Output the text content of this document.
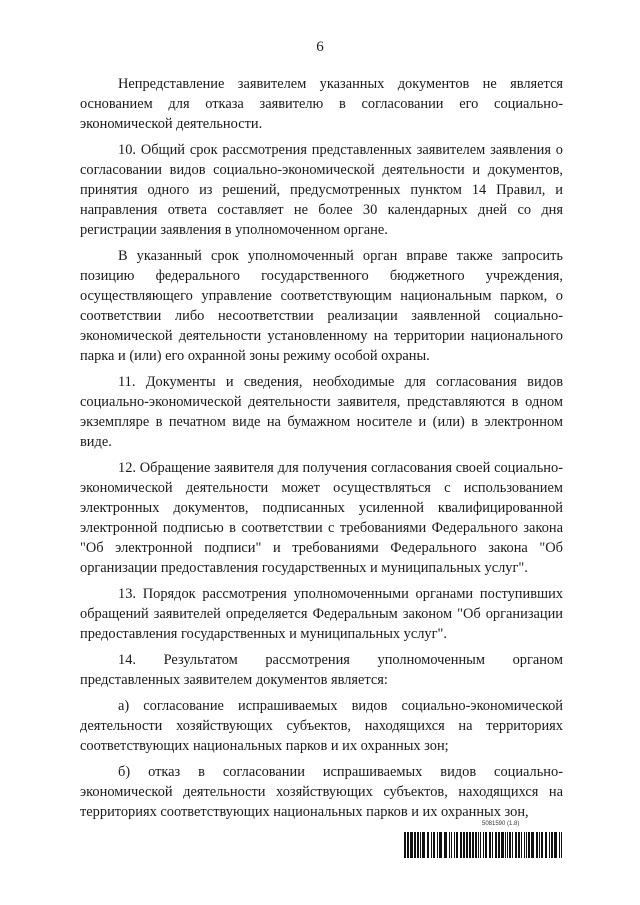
6

Непредставление заявителем указанных документов не является основанием для отказа заявителю в согласовании его социально-экономической деятельности.

10. Общий срок рассмотрения представленных заявителем заявления о согласовании видов социально-экономической деятельности и документов, принятия одного из решений, предусмотренных пунктом 14 Правил, и направления ответа составляет не более 30 календарных дней со дня регистрации заявления в уполномоченном органе.

В указанный срок уполномоченный орган вправе также запросить позицию федерального государственного бюджетного учреждения, осуществляющего управление соответствующим национальным парком, о соответствии либо несоответствии реализации заявленной социально-экономической деятельности установленному на территории национального парка и (или) его охранной зоны режиму особой охраны.

11. Документы и сведения, необходимые для согласования видов социально-экономической деятельности заявителя, представляются в одном экземпляре в печатном виде на бумажном носителе и (или) в электронном виде.

12. Обращение заявителя для получения согласования своей социально-экономической деятельности может осуществляться с использованием электронных документов, подписанных усиленной квалифицированной электронной подписью в соответствии с требованиями Федерального закона "Об электронной подписи" и требованиями Федерального закона "Об организации предоставления государственных и муниципальных услуг".

13. Порядок рассмотрения уполномоченными органами поступивших обращений заявителей определяется Федеральным законом "Об организации предоставления государственных и муниципальных услуг".

14. Результатом рассмотрения уполномоченным органом представленных заявителем документов является:

а) согласование испрашиваемых видов социально-экономической деятельности хозяйствующих субъектов, находящихся на территориях соответствующих национальных парков и их охранных зон;

б) отказ в согласовании испрашиваемых видов социально-экономической деятельности хозяйствующих субъектов, находящихся на территориях соответствующих национальных парков и их охранных зон,

5081590 (1.8)
